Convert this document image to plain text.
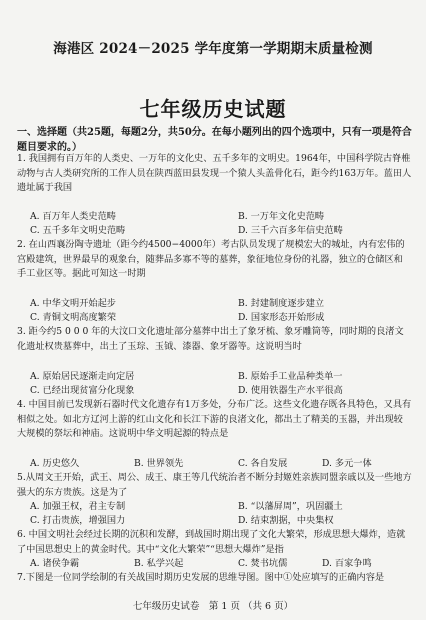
海港区 2024－2025 学年度第一学期期末质量检测
七年级历史试题
一、选择题（共25题，每题2分，共50分。在每小题列出的四个选项中，只有一项是符合题目要求的。）
1. 我国拥有百万年的人类史、一万年的文化史、五千多年的文明史。1964年，中国科学院古脊椎动物与古人类研究所的工作人员在陕西蓝田县发现一个猿人头盖骨化石，距今约163万年。蓝田人遗址属于我国
A. 百万年人类史范畴	B. 一万年文化史范畴
C. 五千多年文明史范畴	D. 三千六百多年信史范畴
2. 在山西襄汾陶寺遗址（距今约4500−4000年）考古队员发现了规模宏大的城址，内有宏伟的宫殿建筑，世界最早的观象台，随葬品多寡不等的墓葬，象征地位身份的礼器，独立的仓储区和手工业区等。据此可知这一时期
A. 中华文明开始起步	B. 封建制度逐步建立
C. 青铜文明高度繁荣	D. 国家形态开始形成
3. 距今约5 0 0 0 年的大汶口文化遗址部分墓葬中出土了象牙梳、象牙雕筒等，同时期的良渚文化遗址权贵墓葬中，出土了玉琮、玉钺、漆器、象牙器等。这说明当时
A. 原始居民逐渐走向定居	B. 原始手工业品种类单一
C. 已经出现贫富分化现象	D. 使用铁器生产水平很高
4. 中国目前已发现新石器时代文化遗存有1万多处，分布广泛。这些文化遗存既各具特色，又具有相似之处。如北方辽河上游的红山文化和长江下游的良渚文化，都出土了精美的玉器，并出现较大规模的祭坛和神庙。这说明中华文明起源的特点是
A. 历史悠久	B. 世界领先	C. 各自发展	D. 多元一体
5.从周文王开始，武王、周公、成王、康王等几代统治者不断分封姬姓亲族同盟亲戚以及一些地方强大的东方贵族。这是为了
A. 加强王权，君主专制	B. “以藩屏周”，巩固疆土
C. 打击贵族，增强国力	D. 结束割据，中央集权
6. 中国文明社会经过长期的沉积和发酵，到战国时期出现了文化大繁荣，形成思想大爆炸，造就了中国思想史上的黄金时代。其中“文化大繁荣”“思想大爆炸”是指
A. 诸侯争霸	B. 私学兴起	C. 焚书坑儒	D. 百家争鸣
7.下图是一位同学绘制的有关战国时期历史发展的思维导图。图中①处应填写的正确内容是
七年级历史试卷　第 1 页 （共 6 页）
